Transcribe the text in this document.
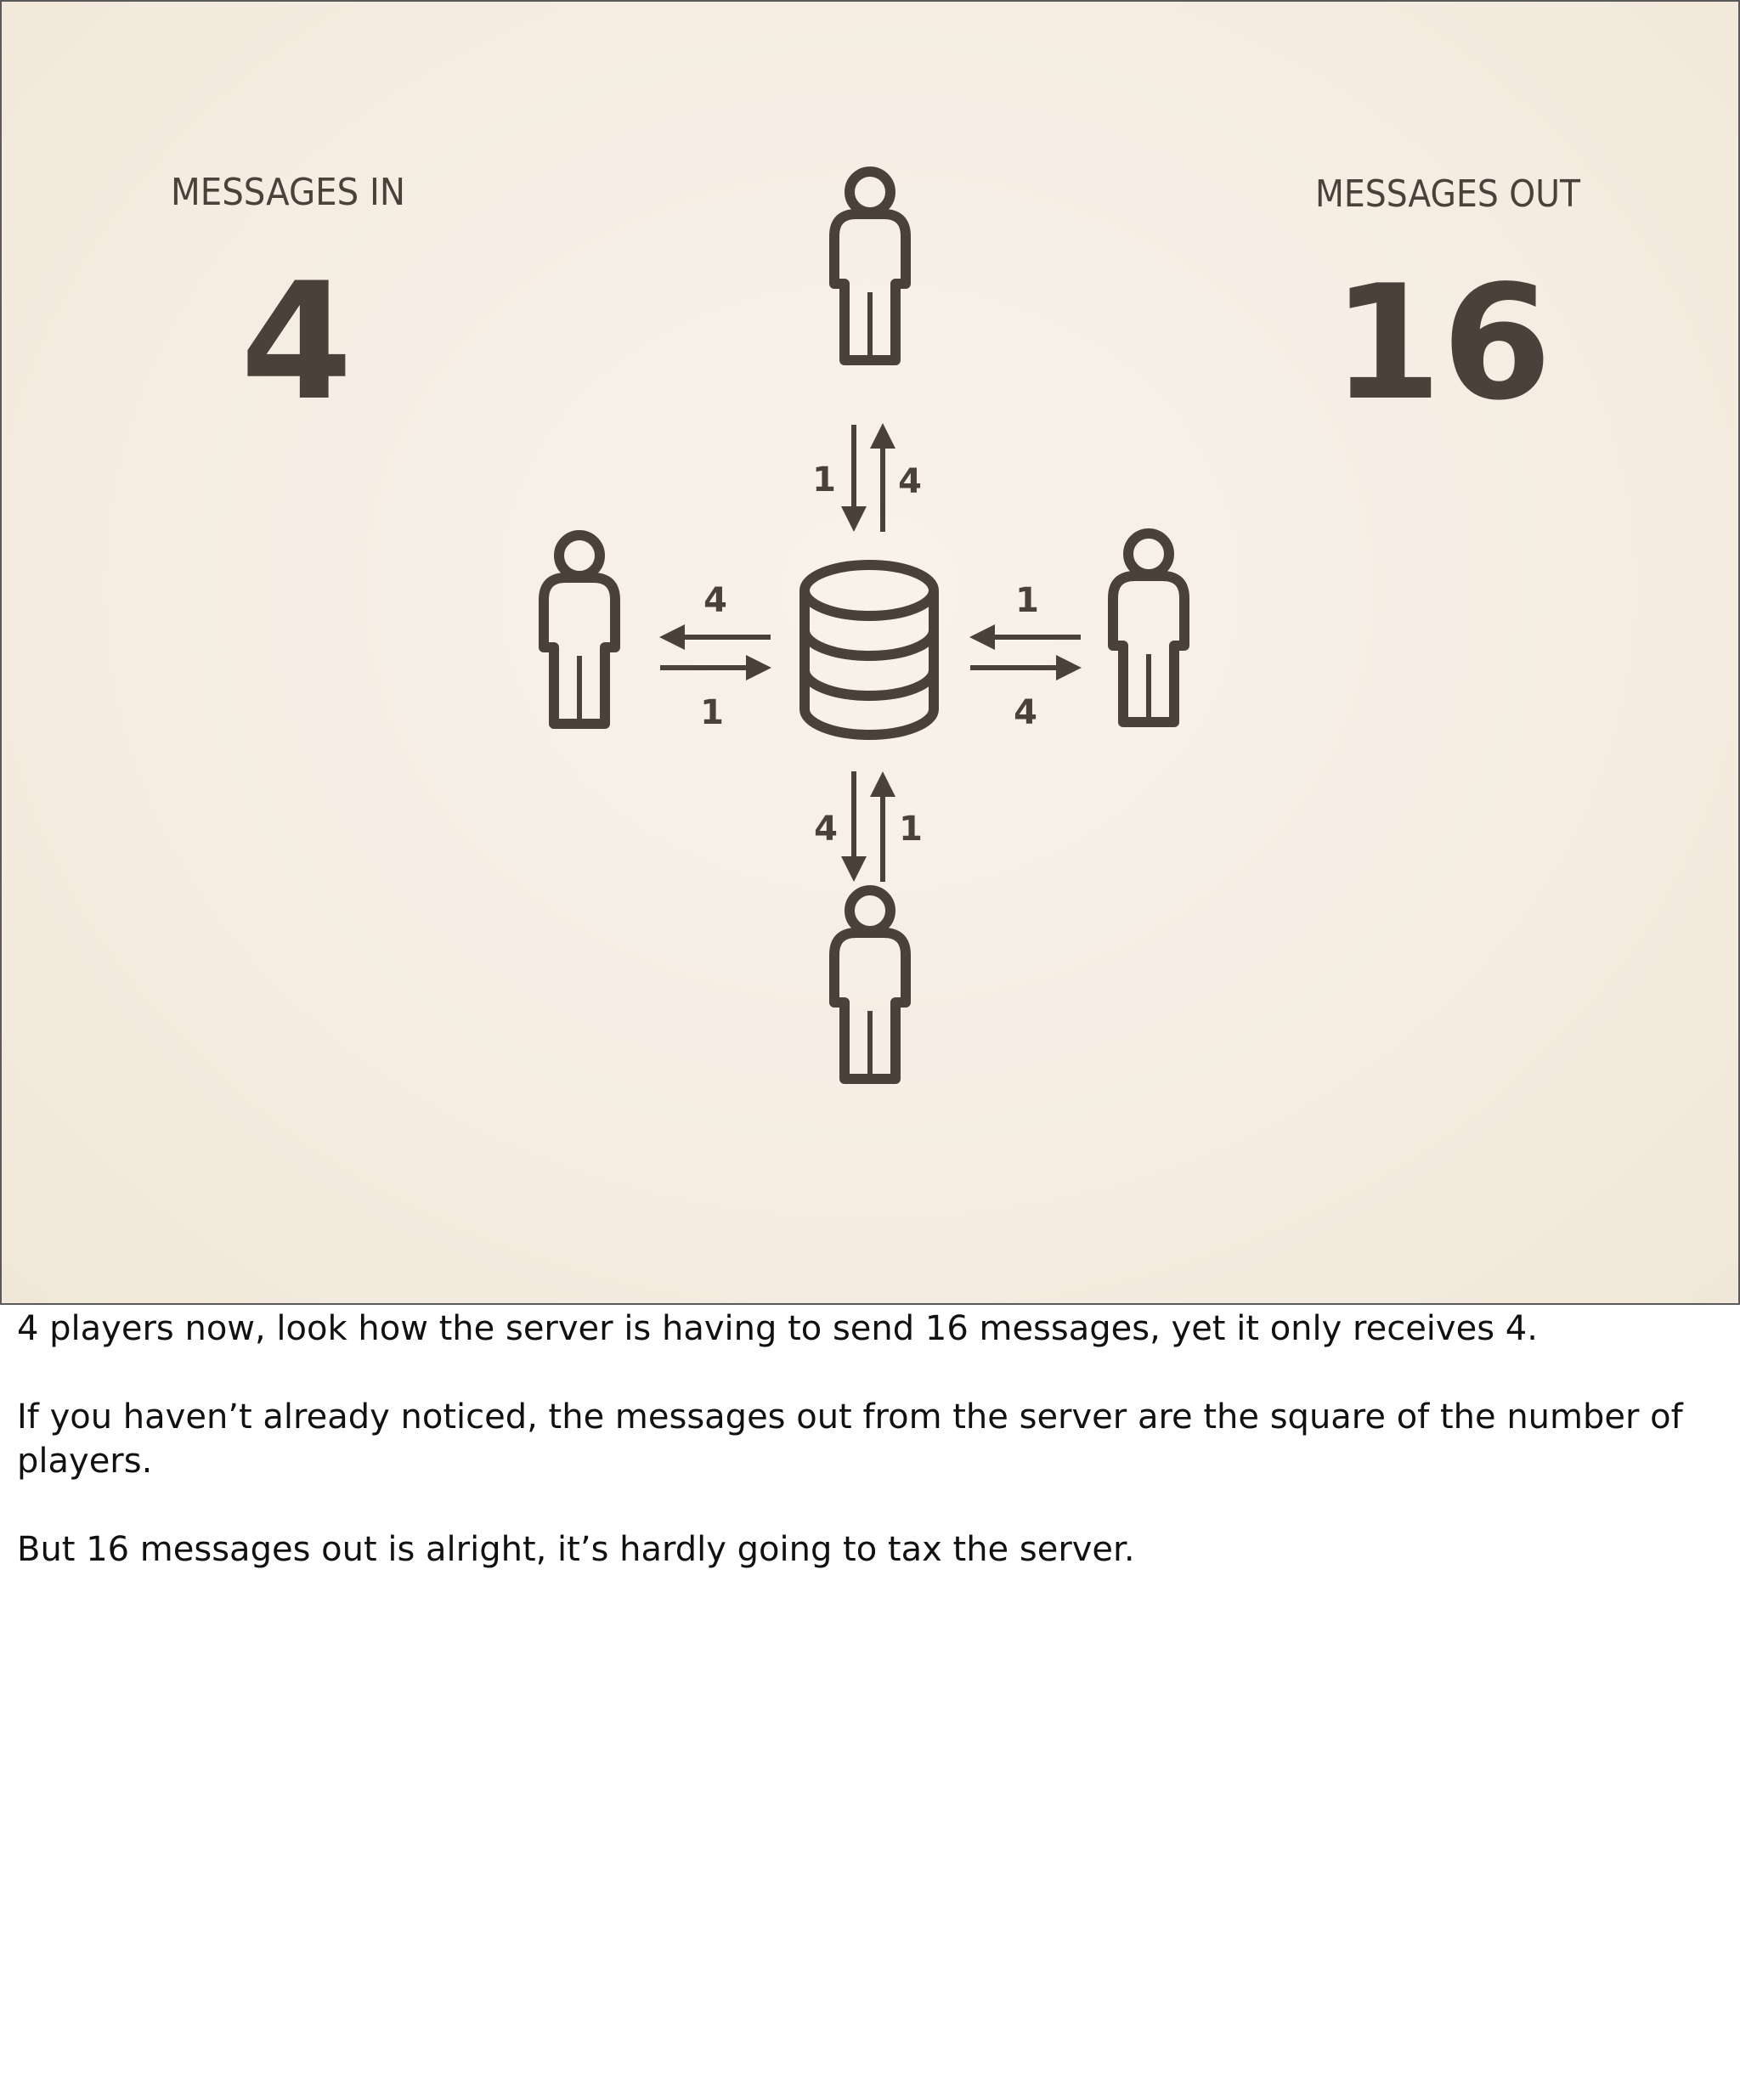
MESSAGES IN
4
MESSAGES OUT
16
1 4
4
1
1
4
4 1

4 players now, look how the server is having to send 16 messages, yet it only receives 4.

If you haven’t already noticed, the messages out from the server are the square of the number of players.

But 16 messages out is alright, it’s hardly going to tax the server.
